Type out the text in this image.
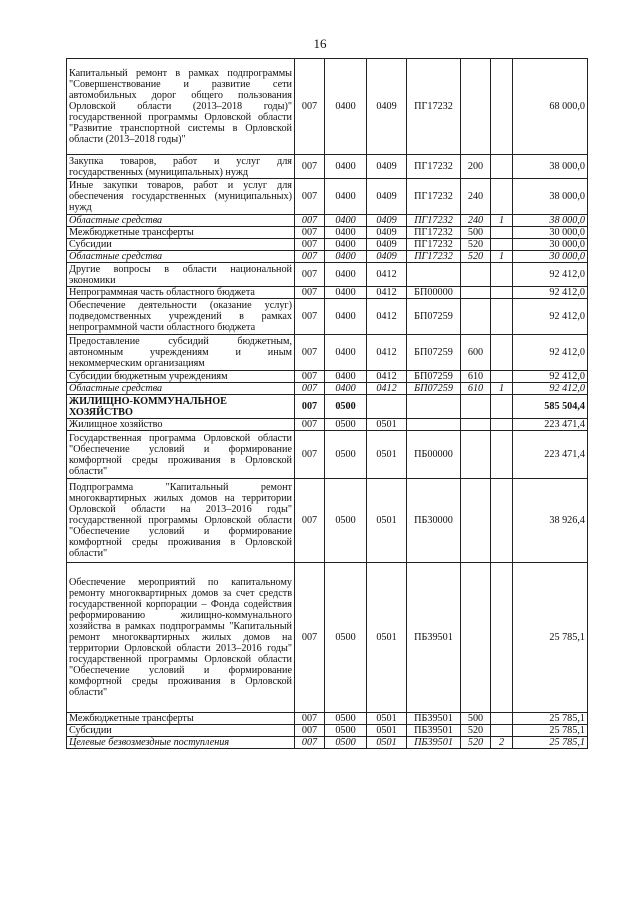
16
Капитальный ремонт в рамках подпрограммы "Совершенствование и развитие сети автомобильных дорог общего пользования Орловской области (2013–2018 годы)" государственной программы Орловской области "Развитие транспортной системы в Орловской области (2013–2018 годы)"	007	0400	0409	ПГ17232			68 000,0
Закупка товаров, работ и услуг для государственных (муниципальных) нужд	007	0400	0409	ПГ17232	200		38 000,0
Иные закупки товаров, работ и услуг для обеспечения государственных (муниципальных) нужд	007	0400	0409	ПГ17232	240		38 000,0
Областные средства	007	0400	0409	ПГ17232	240	1	38 000,0
Межбюджетные трансферты	007	0400	0409	ПГ17232	500		30 000,0
Субсидии	007	0400	0409	ПГ17232	520		30 000,0
Областные средства	007	0400	0409	ПГ17232	520	1	30 000,0
Другие вопросы в области национальной экономики	007	0400	0412				92 412,0
Непрограммная часть областного бюджета	007	0400	0412	БП00000			92 412,0
Обеспечение деятельности (оказание услуг) подведомственных учреждений в рамках непрограммной части областного бюджета	007	0400	0412	БП07259			92 412,0
Предоставление субсидий бюджетным, автономным учреждениям и иным некоммерческим организациям	007	0400	0412	БП07259	600		92 412,0
Субсидии бюджетным учреждениям	007	0400	0412	БП07259	610		92 412,0
Областные средства	007	0400	0412	БП07259	610	1	92 412,0
ЖИЛИЩНО-КОММУНАЛЬНОЕ ХОЗЯЙСТВО	007	0500					585 504,4
Жилищное хозяйство	007	0500	0501				223 471,4
Государственная программа Орловской области "Обеспечение условий и формирование комфортной среды проживания в Орловской области"	007	0500	0501	ПБ00000			223 471,4
Подпрограмма "Капитальный ремонт многоквартирных жилых домов на территории Орловской области на 2013–2016 годы" государственной программы Орловской области "Обеспечение условий и формирование комфортной среды проживания в Орловской области"	007	0500	0501	ПБ30000			38 926,4
Обеспечение мероприятий по капитальному ремонту многоквартирных домов за счет средств государственной корпорации – Фонда содействия реформированию жилищно-коммунального хозяйства в рамках подпрограммы "Капитальный ремонт многоквартирных жилых домов на территории Орловской области 2013–2016 годы" государственной программы Орловской области "Обеспечение условий и формирование комфортной среды проживания в Орловской области"	007	0500	0501	ПБ39501			25 785,1
Межбюджетные трансферты	007	0500	0501	ПБ39501	500		25 785,1
Субсидии	007	0500	0501	ПБ39501	520		25 785,1
Целевые безвозмездные поступления	007	0500	0501	ПБ39501	520	2	25 785,1
